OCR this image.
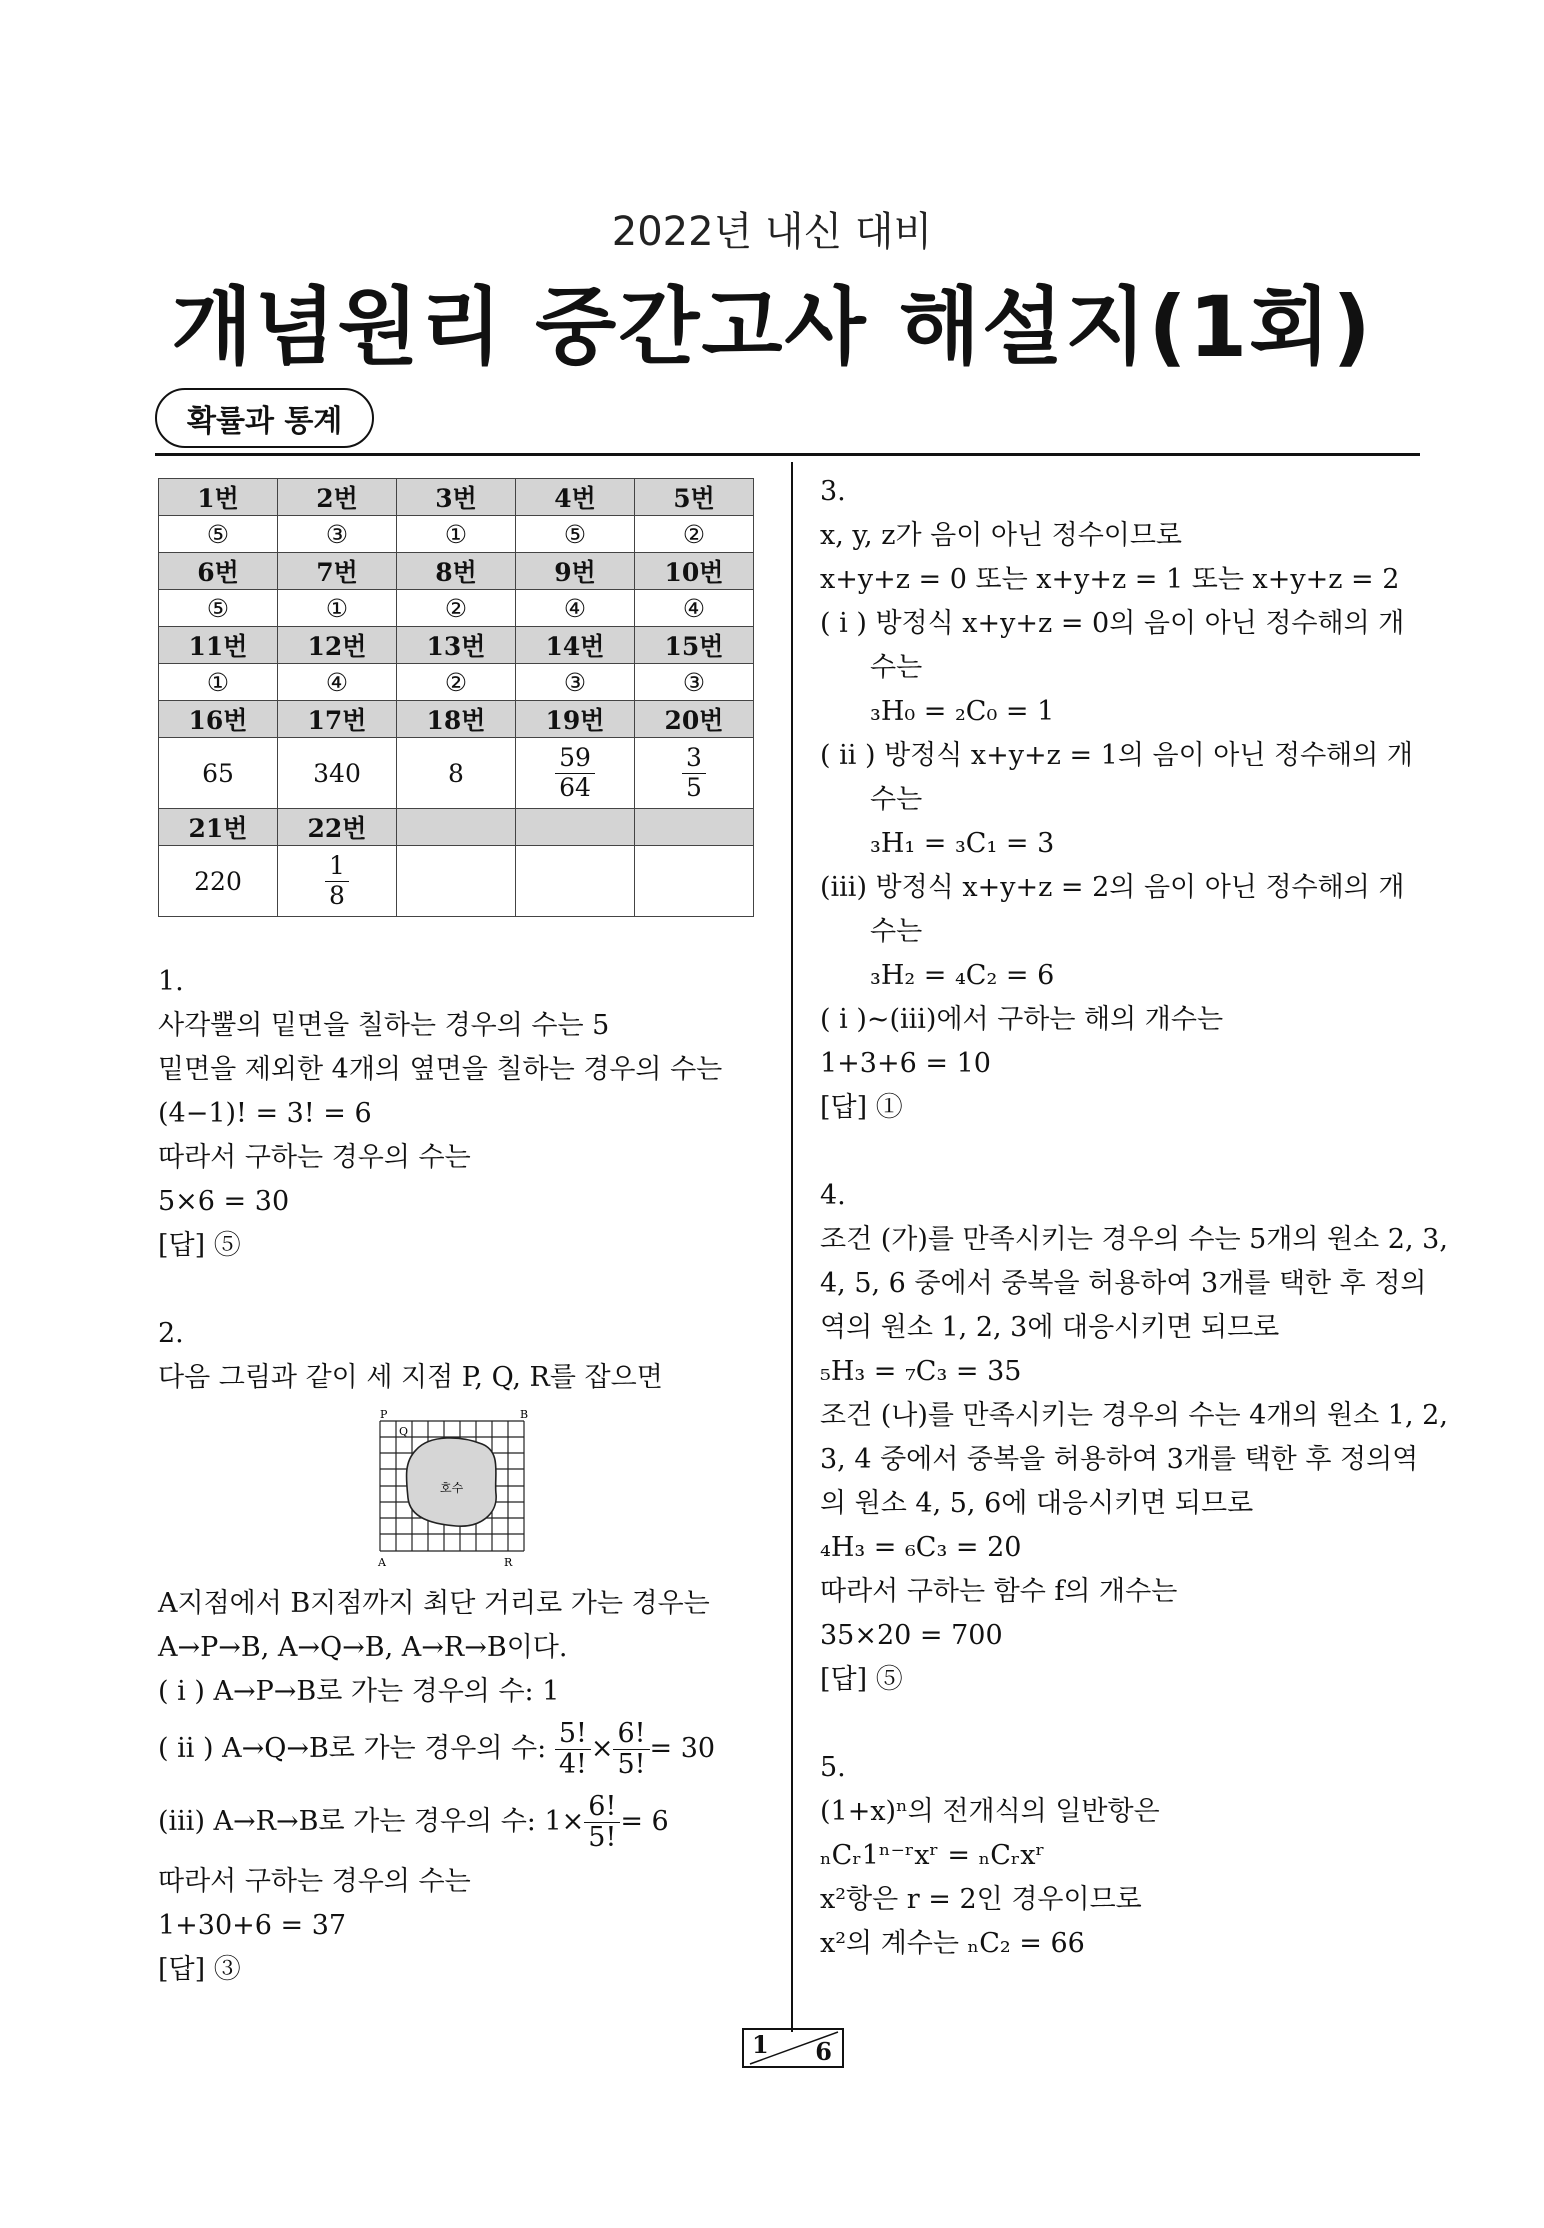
2022년 내신 대비
개념원리 중간고사 해설지(1회)
확률과 통계
1번	2번	3번	4번	5번
⑤	③	①	⑤	②
6번	7번	8번	9번	10번
⑤	①	②	④	④
11번	12번	13번	14번	15번
①	④	②	③	③
16번	17번	18번	19번	20번
65	340	8	$\frac{59}{64}$	$\frac{3}{5}$

21번	22번			
220	$\frac{1}{8}$

1.
사각뿔의 밑면을 칠하는 경우의 수는 5
밑면을 제외한 4개의 옆면을 칠하는 경우의 수는
(4−1)! = 3! = 6
따라서 구하는 경우의 수는
5×6 = 30
[답] ⑤
2.
다음 그림과 같이 세 지점 P, Q, R를 잡으면
P	B
Q
A	R
호수
A지점에서 B지점까지 최단 거리로 가는 경우는
A→P→B, A→Q→B, A→R→B이다.
( i ) A→P→B로 가는 경우의 수: 1
( ii ) A→Q→B로 가는 경우의 수: $\frac{5!}{4!} \times \frac{6!}{5!} = 30$
(iii) A→R→B로 가는 경우의 수: $1\times \frac{6!}{5!} = 6$
따라서 구하는 경우의 수는
1+30+6 = 37
[답] ③
3.
x, y, z가 음이 아닌 정수이므로
x+y+z = 0 또는 x+y+z = 1 또는 x+y+z = 2
( i ) 방정식 x+y+z = 0의 음이 아닌 정수해의 개
수는
₃H₀ = ₂C₀ = 1
( ii ) 방정식 x+y+z = 1의 음이 아닌 정수해의 개
수는
₃H₁ = ₃C₁ = 3
(iii) 방정식 x+y+z = 2의 음이 아닌 정수해의 개
수는
₃H₂ = ₄C₂ = 6
( i )~(iii)에서 구하는 해의 개수는
1+3+6 = 10
[답] ①
4.
조건 (가)를 만족시키는 경우의 수는 5개의 원소 2, 3,
4, 5, 6 중에서 중복을 허용하여 3개를 택한 후 정의
역의 원소 1, 2, 3에 대응시키면 되므로
₅H₃ = ₇C₃ = 35
조건 (나)를 만족시키는 경우의 수는 4개의 원소 1, 2,
3, 4 중에서 중복을 허용하여 3개를 택한 후 정의역
의 원소 4, 5, 6에 대응시키면 되므로
₄H₃ = ₆C₃ = 20
따라서 구하는 함수 f의 개수는
35×20 = 700
[답] ⑤
5.
(1+x)ⁿ의 전개식의 일반항은
ₙCᵣ1ⁿ⁻ʳxʳ = ₙCᵣxʳ
x²항은 r = 2인 경우이므로
x²의 계수는 ₙC₂ = 66
1 6
